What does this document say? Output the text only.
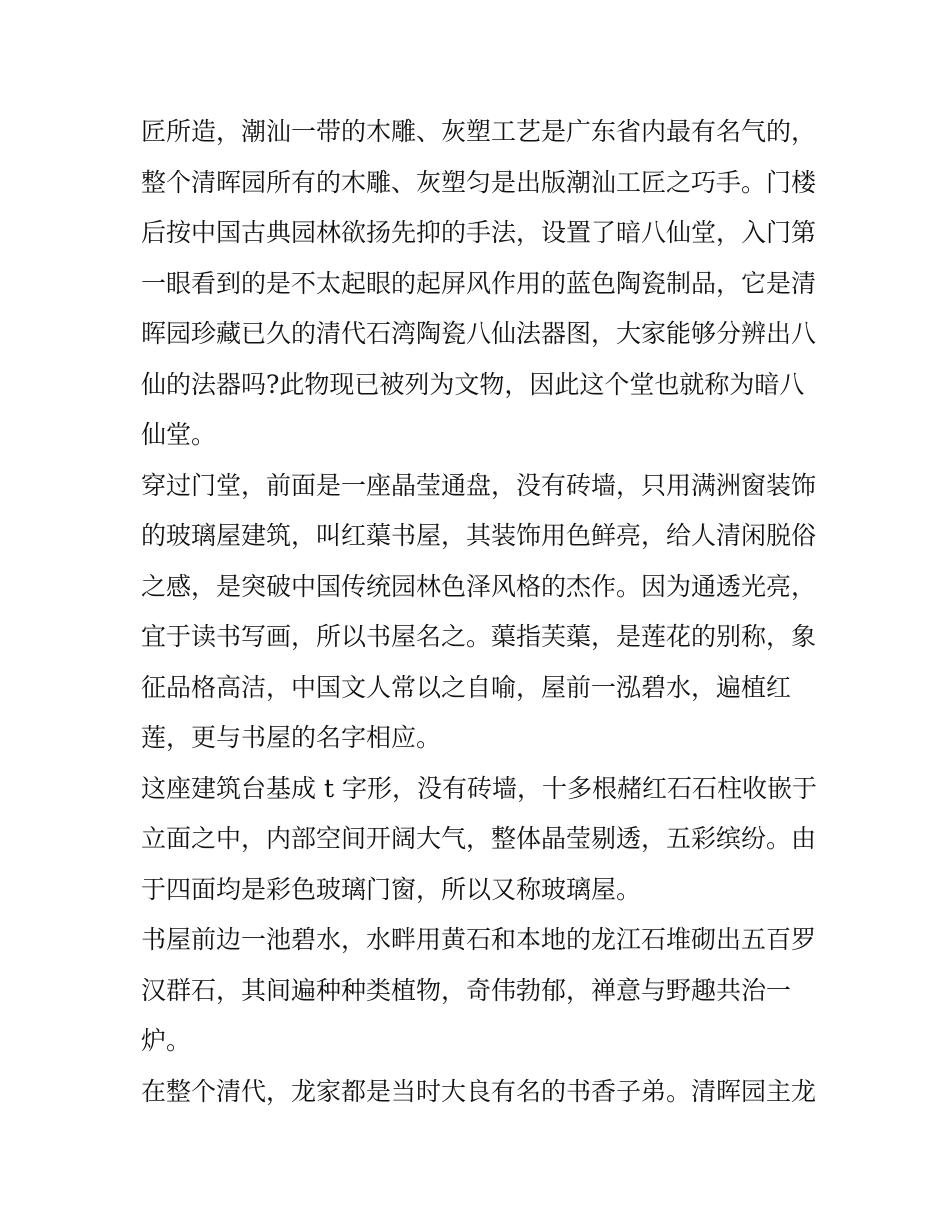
匠所造，潮汕一带的木雕、灰塑工艺是广东省内最有名气的，
整个清晖园所有的木雕、灰塑匀是出版潮汕工匠之巧手。门楼
后按中国古典园林欲扬先抑的手法，设置了暗八仙堂，入门第
一眼看到的是不太起眼的起屏风作用的蓝色陶瓷制品，它是清
晖园珍藏已久的清代石湾陶瓷八仙法器图，大家能够分辨出八
仙的法器吗?此物现已被列为文物，因此这个堂也就称为暗八
仙堂。
穿过门堂，前面是一座晶莹通盘，没有砖墙，只用满洲窗装饰
的玻璃屋建筑，叫红蕖书屋，其装饰用色鲜亮，给人清闲脱俗
之感，是突破中国传统园林色泽风格的杰作。因为通透光亮，
宜于读书写画，所以书屋名之。蕖指芙蕖，是莲花的别称，象
征品格高洁，中国文人常以之自喻，屋前一泓碧水，遍植红
莲，更与书屋的名字相应。
这座建筑台基成 t 字形，没有砖墙，十多根赭红石石柱收嵌于
立面之中，内部空间开阔大气，整体晶莹剔透，五彩缤纷。由
于四面均是彩色玻璃门窗，所以又称玻璃屋。
书屋前边一池碧水，水畔用黄石和本地的龙江石堆砌出五百罗
汉群石，其间遍种种类植物，奇伟勃郁，禅意与野趣共治一
炉。
在整个清代，龙家都是当时大良有名的书香子弟。清晖园主龙
